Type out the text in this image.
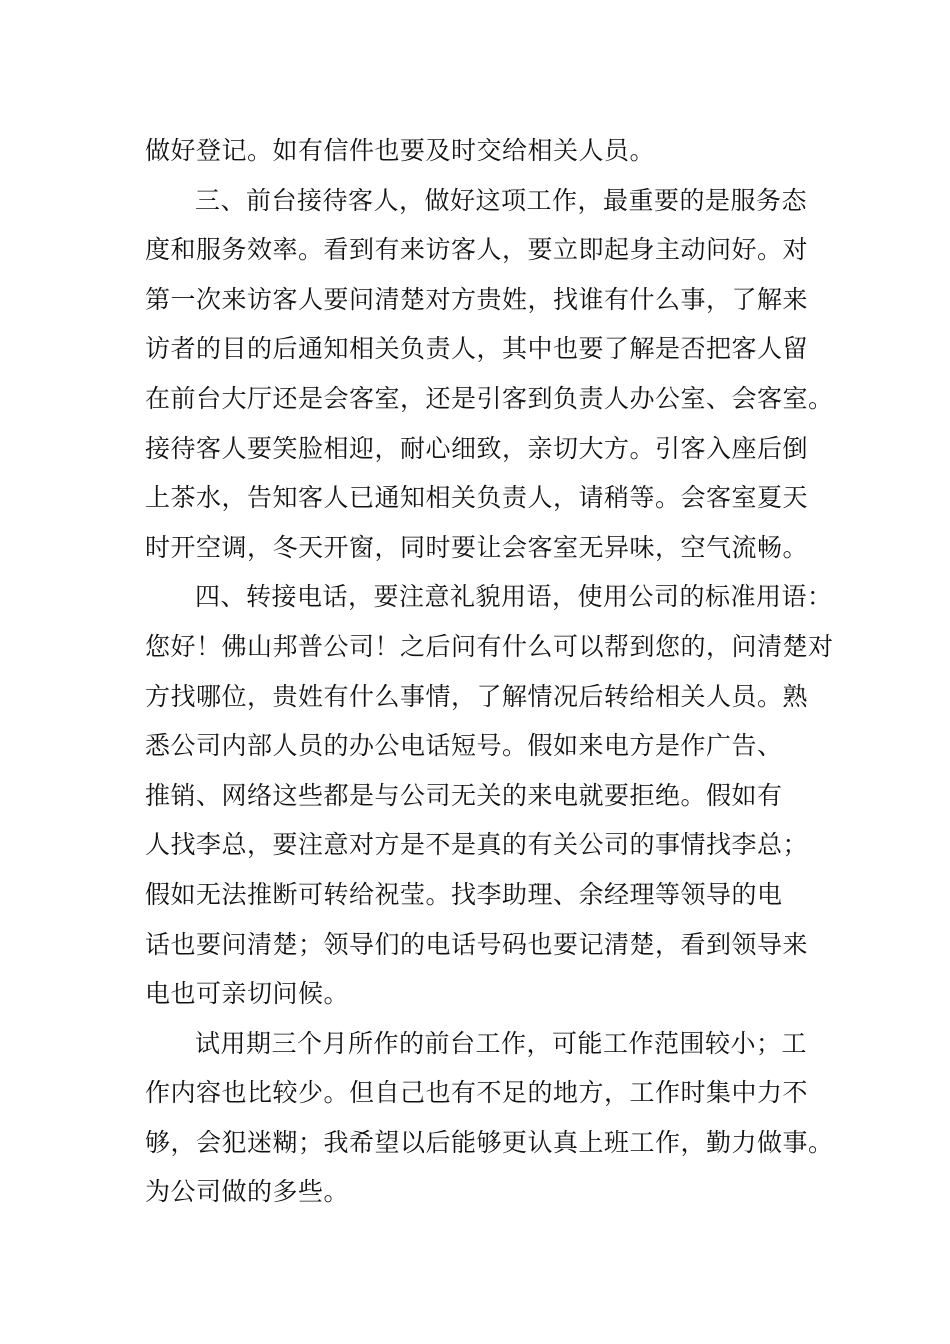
做好登记。如有信件也要及时交给相关人员。
三、前台接待客人，做好这项工作，最重要的是服务态
度和服务效率。看到有来访客人，要立即起身主动问好。对
第一次来访客人要问清楚对方贵姓，找谁有什么事，了解来
访者的目的后通知相关负责人，其中也要了解是否把客人留
在前台大厅还是会客室，还是引客到负责人办公室、会客室。
接待客人要笑脸相迎，耐心细致，亲切大方。引客入座后倒
上茶水，告知客人已通知相关负责人，请稍等。会客室夏天
时开空调，冬天开窗，同时要让会客室无异味，空气流畅。
四、转接电话，要注意礼貌用语，使用公司的标准用语：
您好！佛山邦普公司！之后问有什么可以帮到您的，问清楚对
方找哪位，贵姓有什么事情，了解情况后转给相关人员。熟
悉公司内部人员的办公电话短号。假如来电方是作广告、
推销、网络这些都是与公司无关的来电就要拒绝。假如有
人找李总，要注意对方是不是真的有关公司的事情找李总；
假如无法推断可转给祝莹。找李助理、余经理等领导的电
话也要问清楚；领导们的电话号码也要记清楚，看到领导来
电也可亲切问候。
试用期三个月所作的前台工作，可能工作范围较小；工
作内容也比较少。但自己也有不足的地方，工作时集中力不
够，会犯迷糊；我希望以后能够更认真上班工作，勤力做事。
为公司做的多些。
